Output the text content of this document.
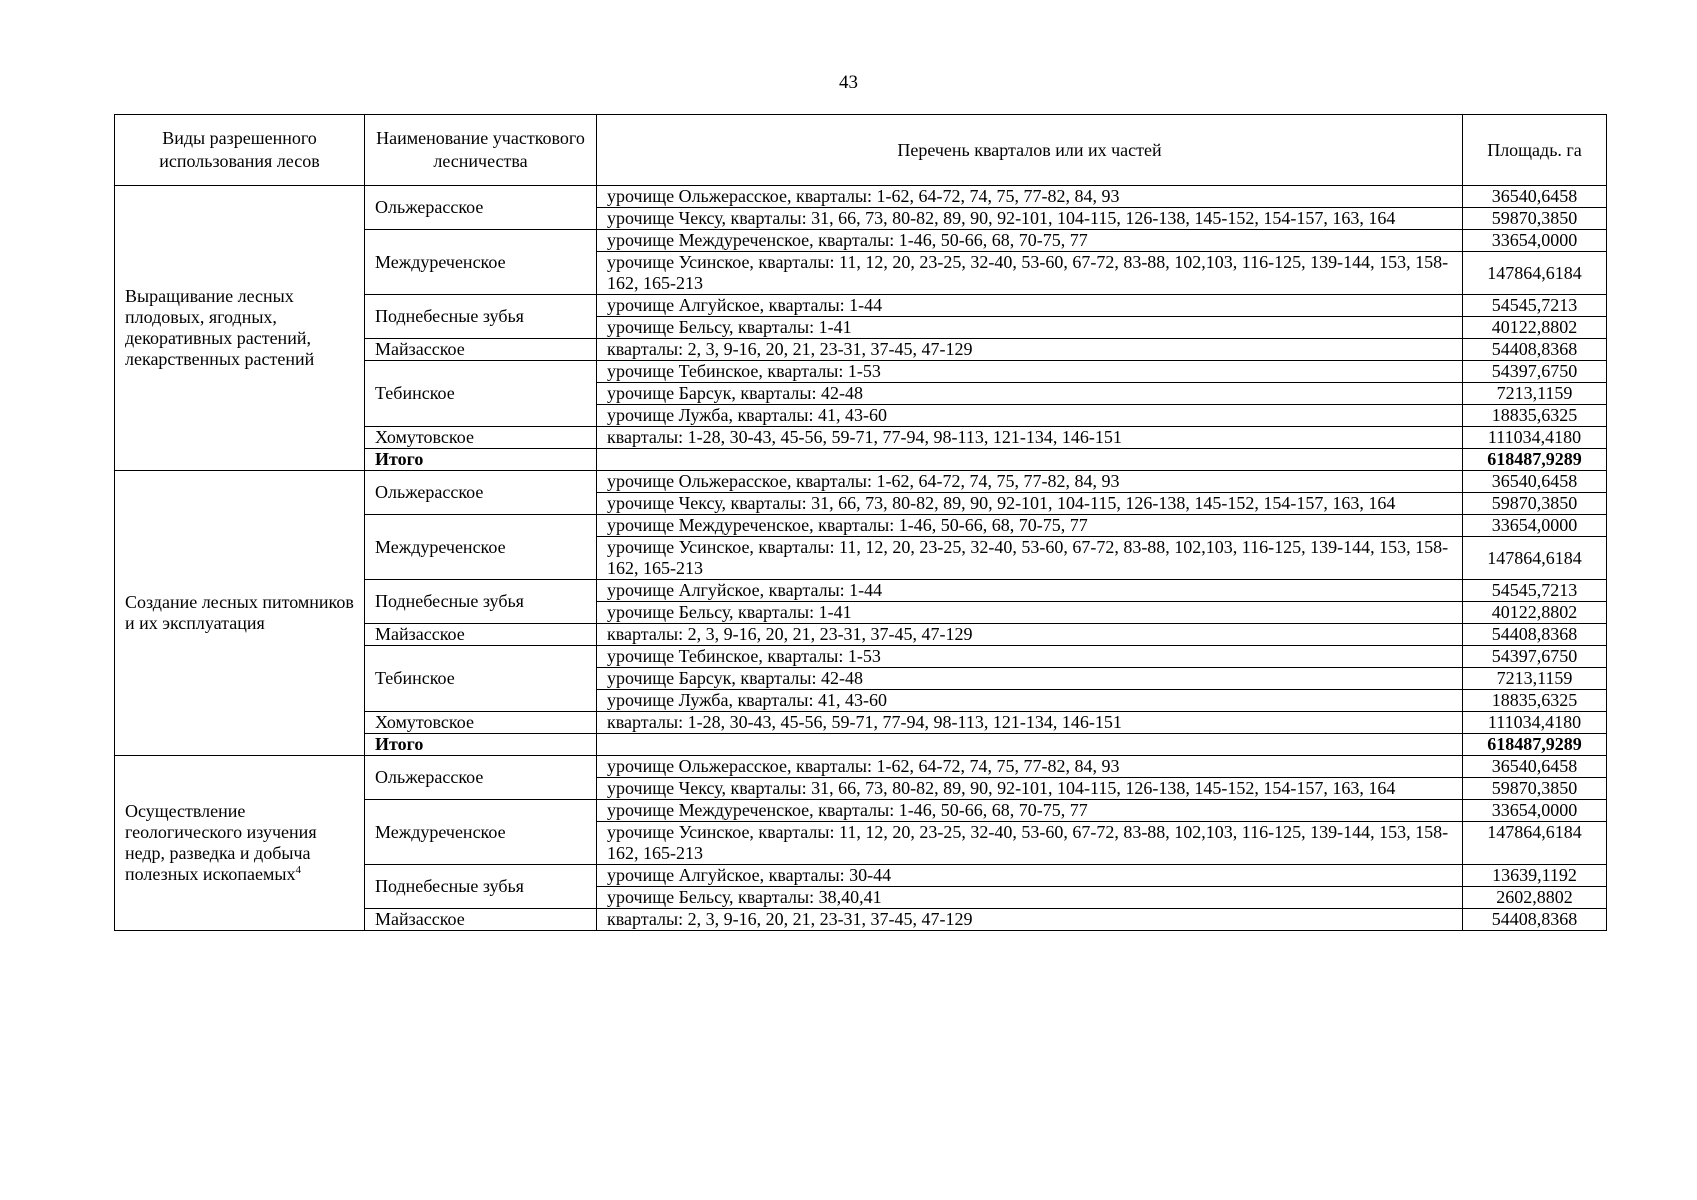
43
Виды разрешенного использования лесов	Наименование участкового лесничества	Перечень кварталов или их частей	Площадь. га
Выращивание лесных плодовых, ягодных, декоративных растений, лекарственных растений	Ольжерасское	урочище Ольжерасское, кварталы: 1-62, 64-72, 74, 75, 77-82, 84, 93	36540,6458
		урочище Чексу, кварталы: 31, 66, 73, 80-82, 89, 90, 92-101, 104-115, 126-138, 145-152, 154-157, 163, 164	59870,3850
	Междуреченское	урочище Междуреченское, кварталы: 1-46, 50-66, 68, 70-75, 77	33654,0000
		урочище Усинское, кварталы: 11, 12, 20, 23-25, 32-40, 53-60, 67-72, 83-88, 102,103, 116-125, 139-144, 153, 158-162, 165-213	147864,6184
	Поднебесные зубья	урочище Алгуйское, кварталы: 1-44	54545,7213
		урочище Бельсу, кварталы: 1-41	40122,8802
	Майзасское	кварталы: 2, 3, 9-16, 20, 21, 23-31, 37-45, 47-129	54408,8368
	Тебинское	урочище Тебинское, кварталы: 1-53	54397,6750
		урочище Барсук, кварталы: 42-48	7213,1159
		урочище Лужба, кварталы: 41, 43-60	18835,6325
	Хомутовское	кварталы: 1-28, 30-43, 45-56, 59-71, 77-94, 98-113, 121-134, 146-151	111034,4180
	Итого		618487,9289
Создание лесных питомников и их эксплуатация	Ольжерасское	урочище Ольжерасское, кварталы: 1-62, 64-72, 74, 75, 77-82, 84, 93	36540,6458
		урочище Чексу, кварталы: 31, 66, 73, 80-82, 89, 90, 92-101, 104-115, 126-138, 145-152, 154-157, 163, 164	59870,3850
	Междуреченское	урочище Междуреченское, кварталы: 1-46, 50-66, 68, 70-75, 77	33654,0000
		урочище Усинское, кварталы: 11, 12, 20, 23-25, 32-40, 53-60, 67-72, 83-88, 102,103, 116-125, 139-144, 153, 158-162, 165-213	147864,6184
	Поднебесные зубья	урочище Алгуйское, кварталы: 1-44	54545,7213
		урочище Бельсу, кварталы: 1-41	40122,8802
	Майзасское	кварталы: 2, 3, 9-16, 20, 21, 23-31, 37-45, 47-129	54408,8368
	Тебинское	урочище Тебинское, кварталы: 1-53	54397,6750
		урочище Барсук, кварталы: 42-48	7213,1159
		урочище Лужба, кварталы: 41, 43-60	18835,6325
	Хомутовское	кварталы: 1-28, 30-43, 45-56, 59-71, 77-94, 98-113, 121-134, 146-151	111034,4180
	Итого		618487,9289
Осуществление геологического изучения недр, разведка и добыча полезных ископаемых$^4$	Ольжерасское	урочище Ольжерасское, кварталы: 1-62, 64-72, 74, 75, 77-82, 84, 93	36540,6458
		урочище Чексу, кварталы: 31, 66, 73, 80-82, 89, 90, 92-101, 104-115, 126-138, 145-152, 154-157, 163, 164	59870,3850
	Междуреченское	урочище Междуреченское, кварталы: 1-46, 50-66, 68, 70-75, 77	33654,0000
		урочище Усинское, кварталы: 11, 12, 20, 23-25, 32-40, 53-60, 67-72, 83-88, 102,103, 116-125, 139-144, 153, 158-162, 165-213	147864,6184
	Поднебесные зубья	урочище Алгуйское, кварталы: 30-44	13639,1192
		урочище Бельсу, кварталы: 38,40,41	2602,8802
	Майзасское	кварталы: 2, 3, 9-16, 20, 21, 23-31, 37-45, 47-129	54408,8368
